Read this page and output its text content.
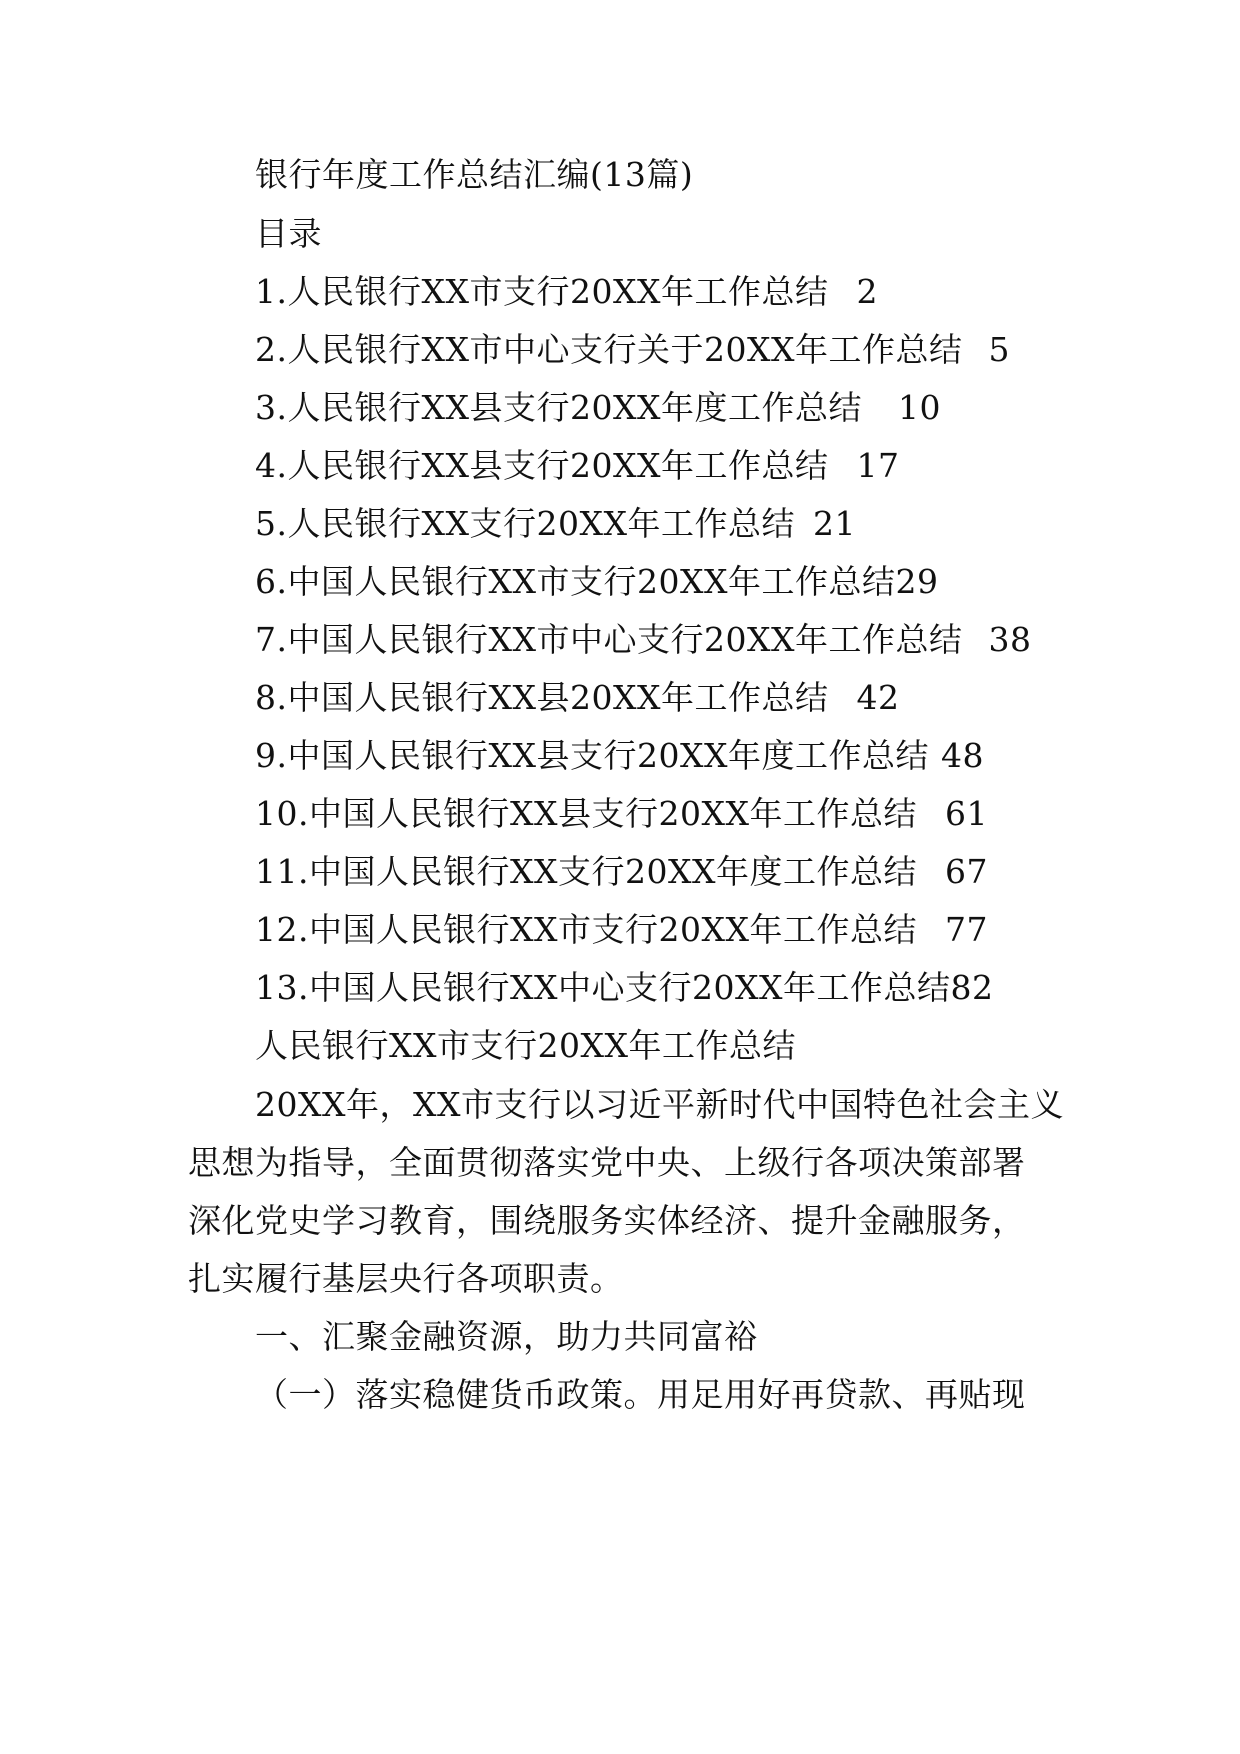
银行年度工作总结汇编(13篇)
目录
1.人民银行XX市支行20XX年工作总结 2
2.人民银行XX市中心支行关于20XX年工作总结 5
3.人民银行XX县支行20XX年度工作总结 10
4.人民银行XX县支行20XX年工作总结 17
5.人民银行XX支行20XX年工作总结 21
6.中国人民银行XX市支行20XX年工作总结29
7.中国人民银行XX市中心支行20XX年工作总结 38
8.中国人民银行XX县20XX年工作总结 42
9.中国人民银行XX县支行20XX年度工作总结 48
10.中国人民银行XX县支行20XX年工作总结 61
11.中国人民银行XX支行20XX年度工作总结 67
12.中国人民银行XX市支行20XX年工作总结 77
13.中国人民银行XX中心支行20XX年工作总结82
人民银行XX市支行20XX年工作总结
20XX年，XX市支行以习近平新时代中国特色社会主义
思想为指导，全面贯彻落实党中央、上级行各项决策部署
深化党史学习教育，围绕服务实体经济、提升金融服务，
扎实履行基层央行各项职责。
一、汇聚金融资源，助力共同富裕
（一）落实稳健货币政策。用足用好再贷款、再贴现
